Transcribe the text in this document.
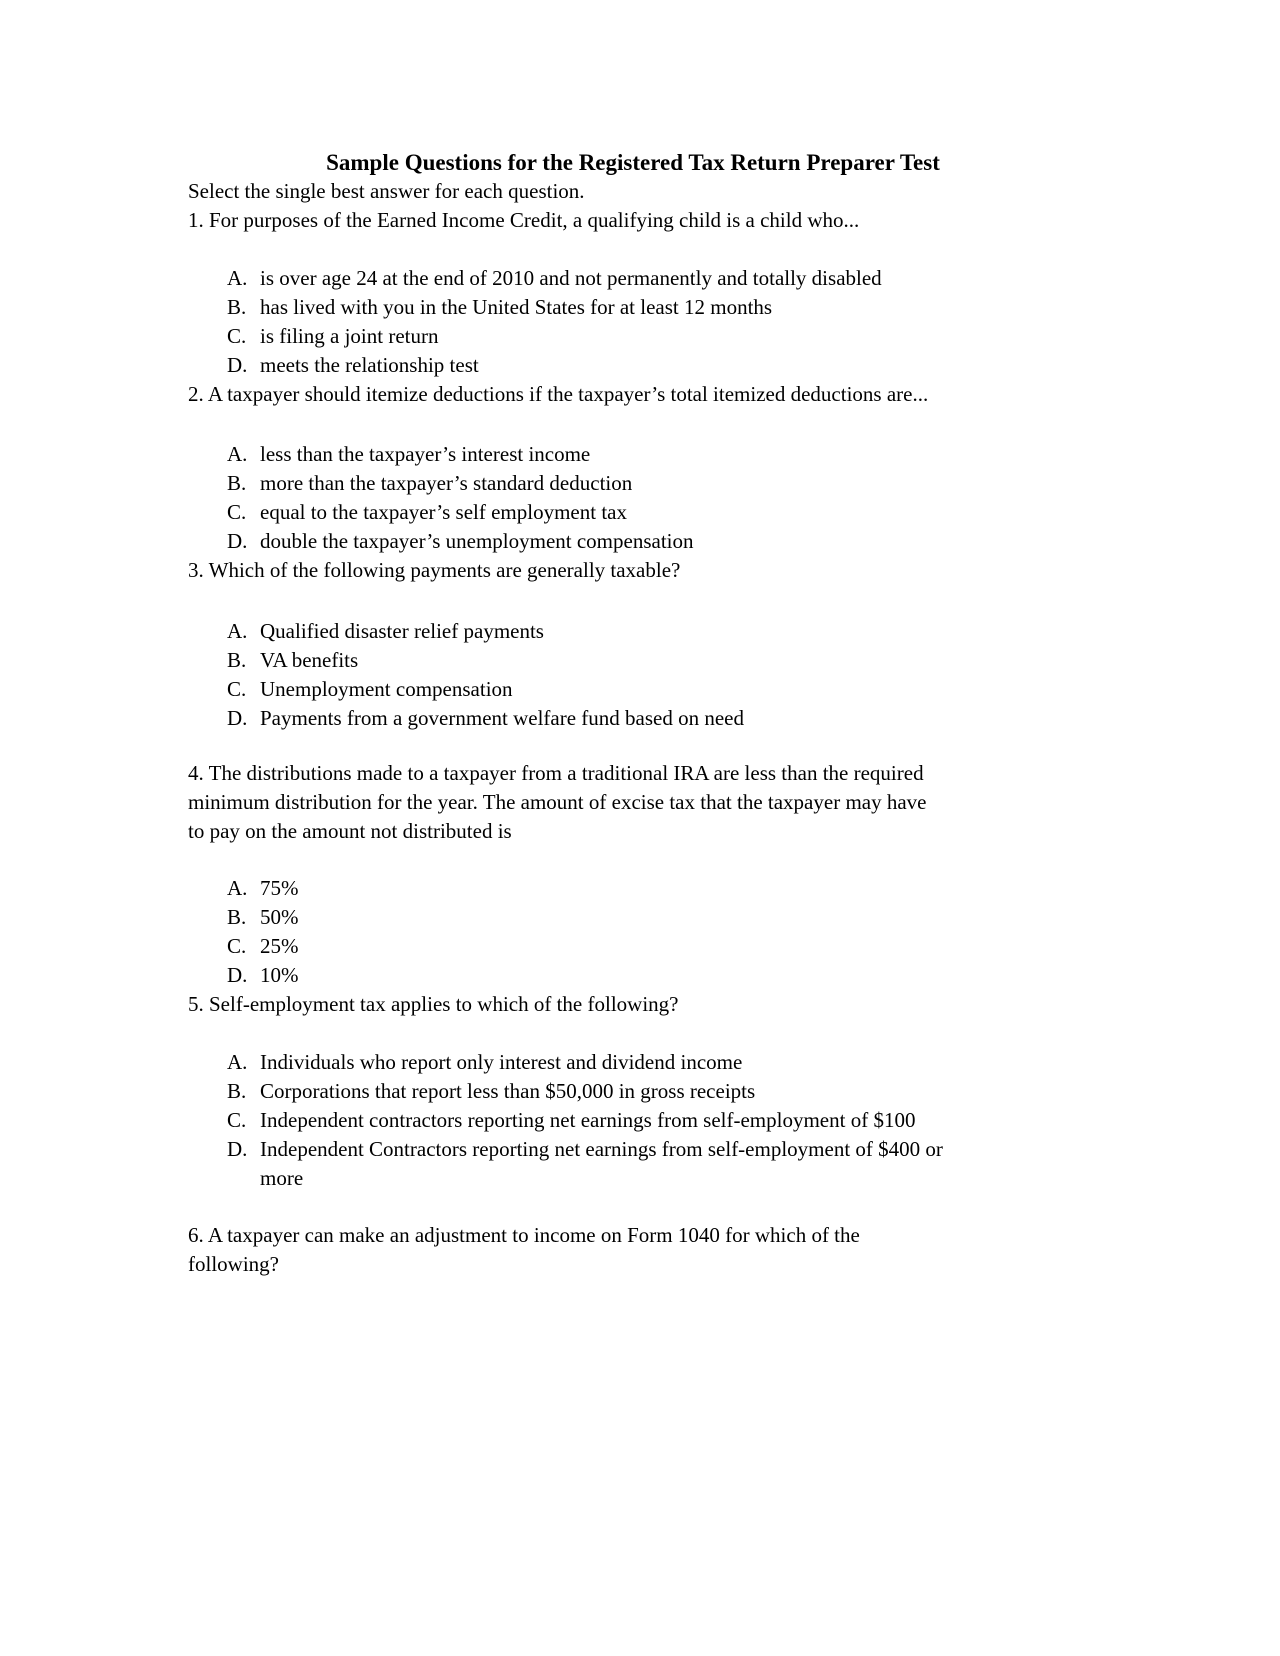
Sample Questions for the Registered Tax Return Preparer Test

Select the single best answer for each question.

1. For purposes of the Earned Income Credit, a qualifying child is a child who...

A. is over age 24 at the end of 2010 and not permanently and totally disabled
B. has lived with you in the United States for at least 12 months
C. is filing a joint return
D. meets the relationship test

2. A taxpayer should itemize deductions if the taxpayer’s total itemized deductions are...

A. less than the taxpayer’s interest income
B. more than the taxpayer’s standard deduction
C. equal to the taxpayer’s self employment tax
D. double the taxpayer’s unemployment compensation

3. Which of the following payments are generally taxable?

A. Qualified disaster relief payments
B. VA benefits
C. Unemployment compensation
D. Payments from a government welfare fund based on need
4. The distributions made to a taxpayer from a traditional IRA are less than the required
minimum distribution for the year. The amount of excise tax that the taxpayer may have
to pay on the amount not distributed is
A. 75%
B. 50%
C. 25%
D. 10%

5. Self-employment tax applies to which of the following?

A. Individuals who report only interest and dividend income
B. Corporations that report less than $50,000 in gross receipts
C. Independent contractors reporting net earnings from self-employment of $100
D. Independent Contractors reporting net earnings from self-employment of $400 or
more
6. A taxpayer can make an adjustment to income on Form 1040 for which of the
following?
